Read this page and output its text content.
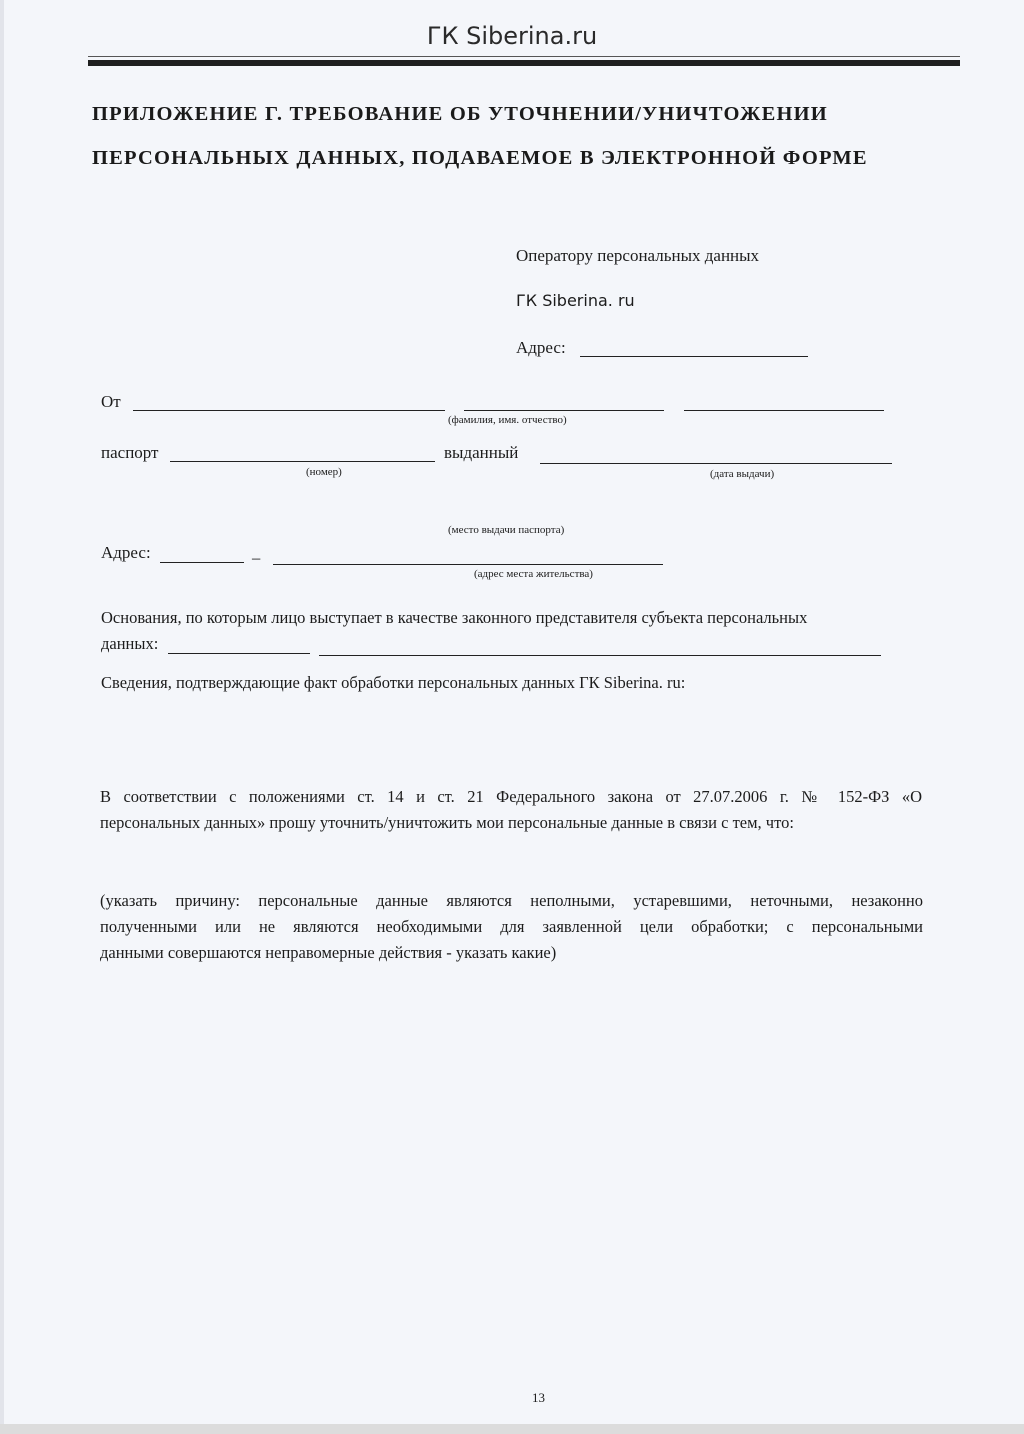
ГК Siberina.ru
ПРИЛОЖЕНИЕ Г. ТРЕБОВАНИЕ ОБ УТОЧНЕНИИ/УНИЧТОЖЕНИИ
ПЕРСОНАЛЬНЫХ ДАННЫХ, ПОДАВАЕМОЕ В ЭЛЕКТРОННОЙ ФОРМЕ
Оператору персональных данных
ГК Siberina. ru
Адрес:
От
(фамилия, имя. отчество)
паспорт
(номер)
выданный
(дата выдачи)
(место выдачи паспорта)
Адрес:	–
(адрес места жительства)
Основания, по которым лицо выступает в качестве законного представителя субъекта персональных
данных:
Сведения, подтверждающие факт обработки персональных данных ГК Siberina. ru:
В соответствии с положениями ст. 14 и ст. 21 Федерального закона от 27.07.2006 г. № 152-ФЗ «О
персональных данных» прошу уточнить/уничтожить мои персональные данные в связи с тем, что:
(указать причину: персональные данные являются неполными, устаревшими, неточными, незаконно
полученными или не являются необходимыми для заявленной цели обработки; с персональными
данными совершаются неправомерные действия - указать какие)
13
